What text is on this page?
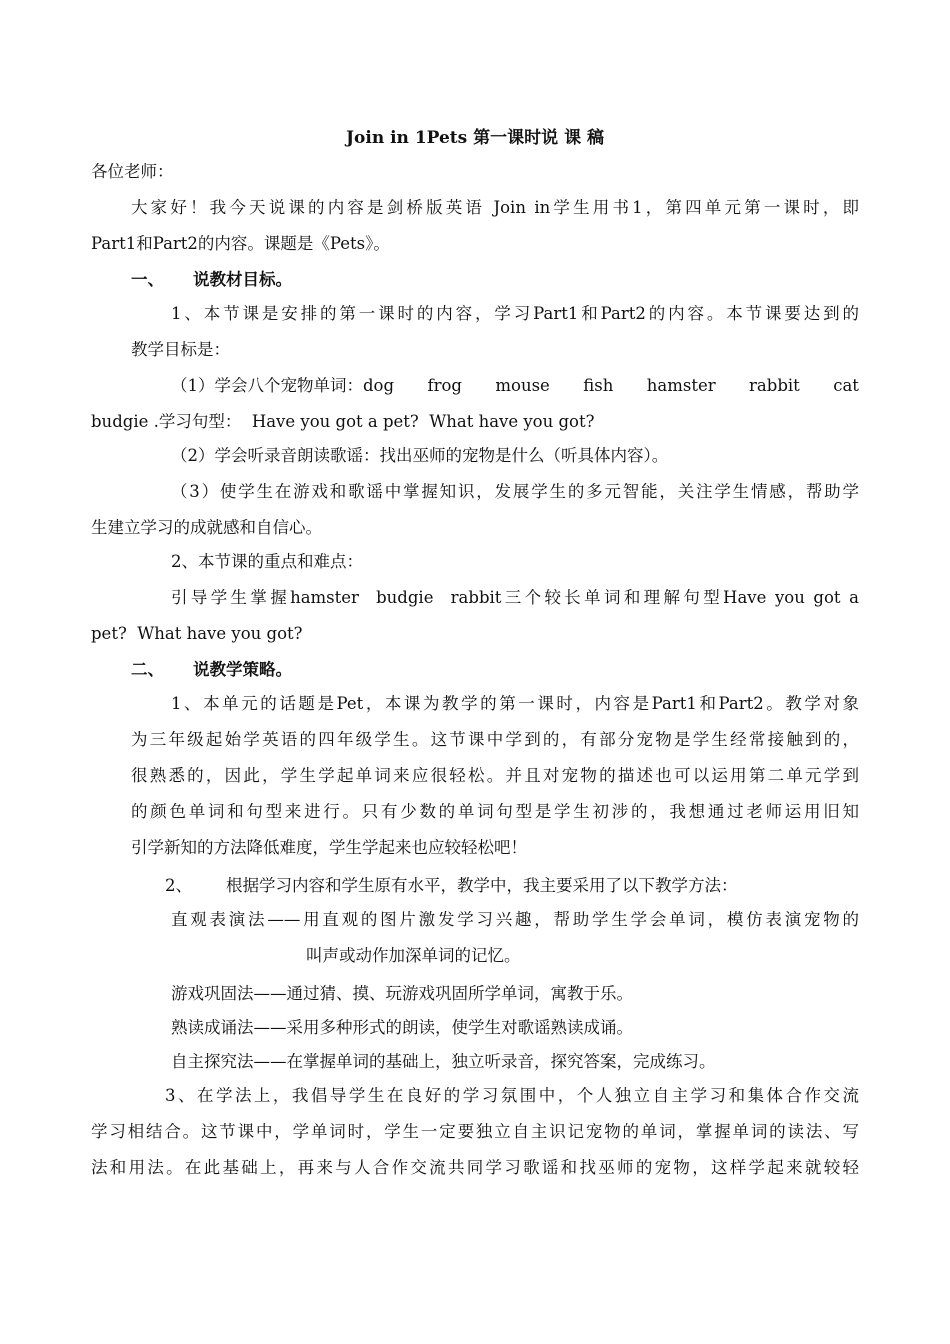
Join in 1Pets 第一课时说 课 稿
各位老师：
大家好！我今天说课的内容是剑桥版英语 Join in学生用书1，第四单元第一课时，即
Part1和Part2的内容。课题是《Pets》。
一、 说教材目标。
1、本节课是安排的第一课时的内容，学习Part1和Part2的内容。本节课要达到的
教学目标是：
（1）学会八个宠物单词：dog frog mouse fish hamster rabbit cat
budgie .学习句型：  Have you got a pet?  What have you got?
（2）学会听录音朗读歌谣：找出巫师的宠物是什么（听具体内容）。
（3）使学生在游戏和歌谣中掌握知识，发展学生的多元智能，关注学生情感，帮助学
生建立学习的成就感和自信心。
2、本节课的重点和难点：
引导学生掌握hamster  budgie  rabbit三个较长单词和理解句型Have you got a
pet?  What have you got?
二、 说教学策略。
1、本单元的话题是Pet，本课为教学的第一课时，内容是Part1和Part2。教学对象
为三年级起始学英语的四年级学生。这节课中学到的，有部分宠物是学生经常接触到的，
很熟悉的，因此，学生学起单词来应很轻松。并且对宠物的描述也可以运用第二单元学到
的颜色单词和句型来进行。只有少数的单词句型是学生初涉的，我想通过老师运用旧知
引学新知的方法降低难度，学生学起来也应较轻松吧！
2、 根据学习内容和学生原有水平，教学中，我主要采用了以下教学方法：
直观表演法——用直观的图片激发学习兴趣，帮助学生学会单词，模仿表演宠物的
叫声或动作加深单词的记忆。
游戏巩固法——通过猜、摸、玩游戏巩固所学单词，寓教于乐。
熟读成诵法——采用多种形式的朗读，使学生对歌谣熟读成诵。
自主探究法——在掌握单词的基础上，独立听录音，探究答案，完成练习。
3、在学法上，我倡导学生在良好的学习氛围中，个人独立自主学习和集体合作交流
学习相结合。这节课中，学单词时，学生一定要独立自主识记宠物的单词，掌握单词的读法、写
法和用法。在此基础上，再来与人合作交流共同学习歌谣和找巫师的宠物，这样学起来就较轻
